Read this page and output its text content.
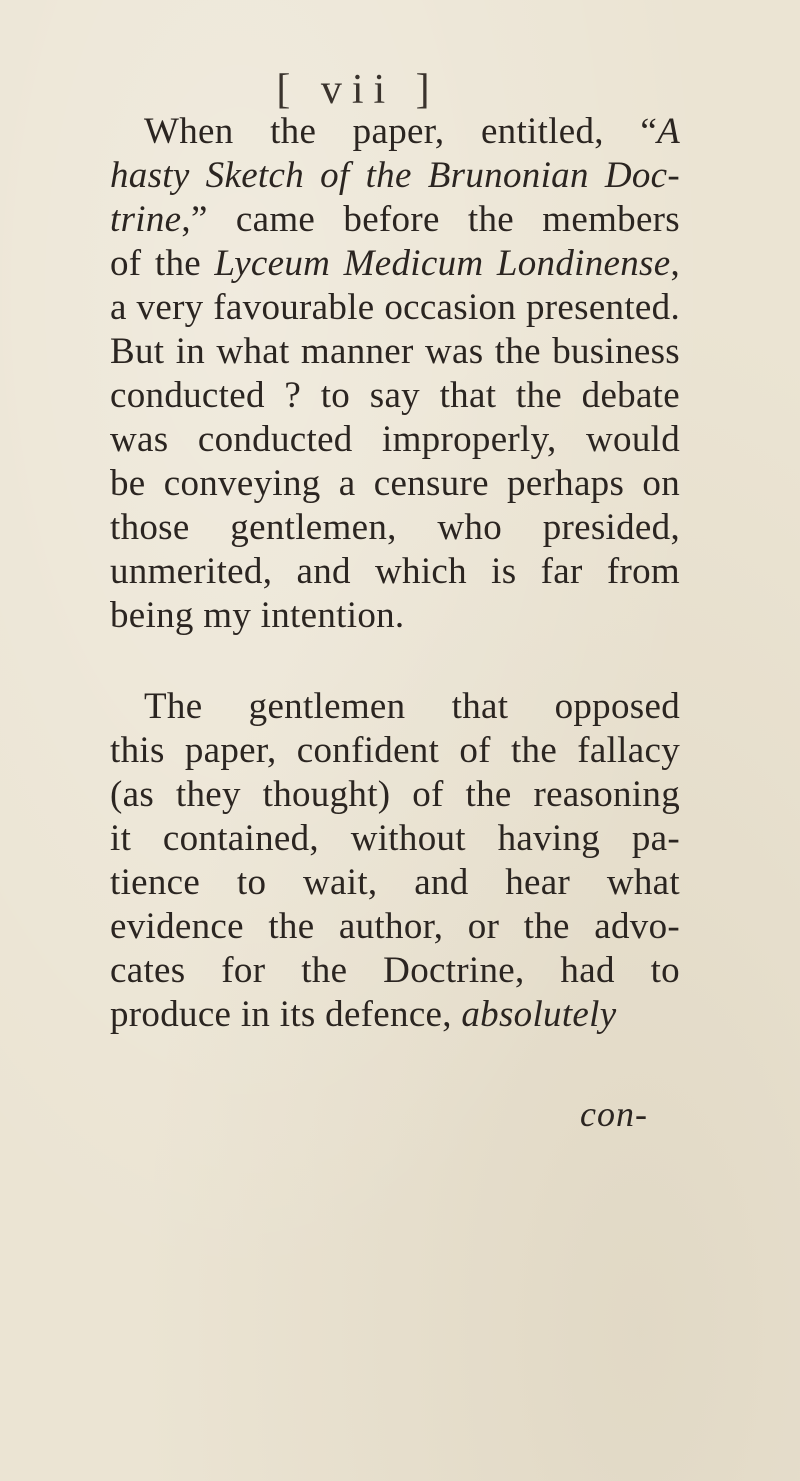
[ vii ]
When the paper, entitled, “A
hasty Sketch of the Brunonian Doc-
trine,” came before the members
of the Lyceum Medicum Londinense,
a very favourable occasion presented.
But in what manner was the business
conducted ? to say that the debate
was conducted improperly, would
be conveying a censure perhaps on
those gentlemen, who presided,
unmerited, and which is far from
being my intention.
The gentlemen that opposed
this paper, confident of the fallacy
(as they thought) of the reasoning
it contained, without having pa-
tience to wait, and hear what
evidence the author, or the advo-
cates for the Doctrine, had to
produce in its defence, absolutely
con-
